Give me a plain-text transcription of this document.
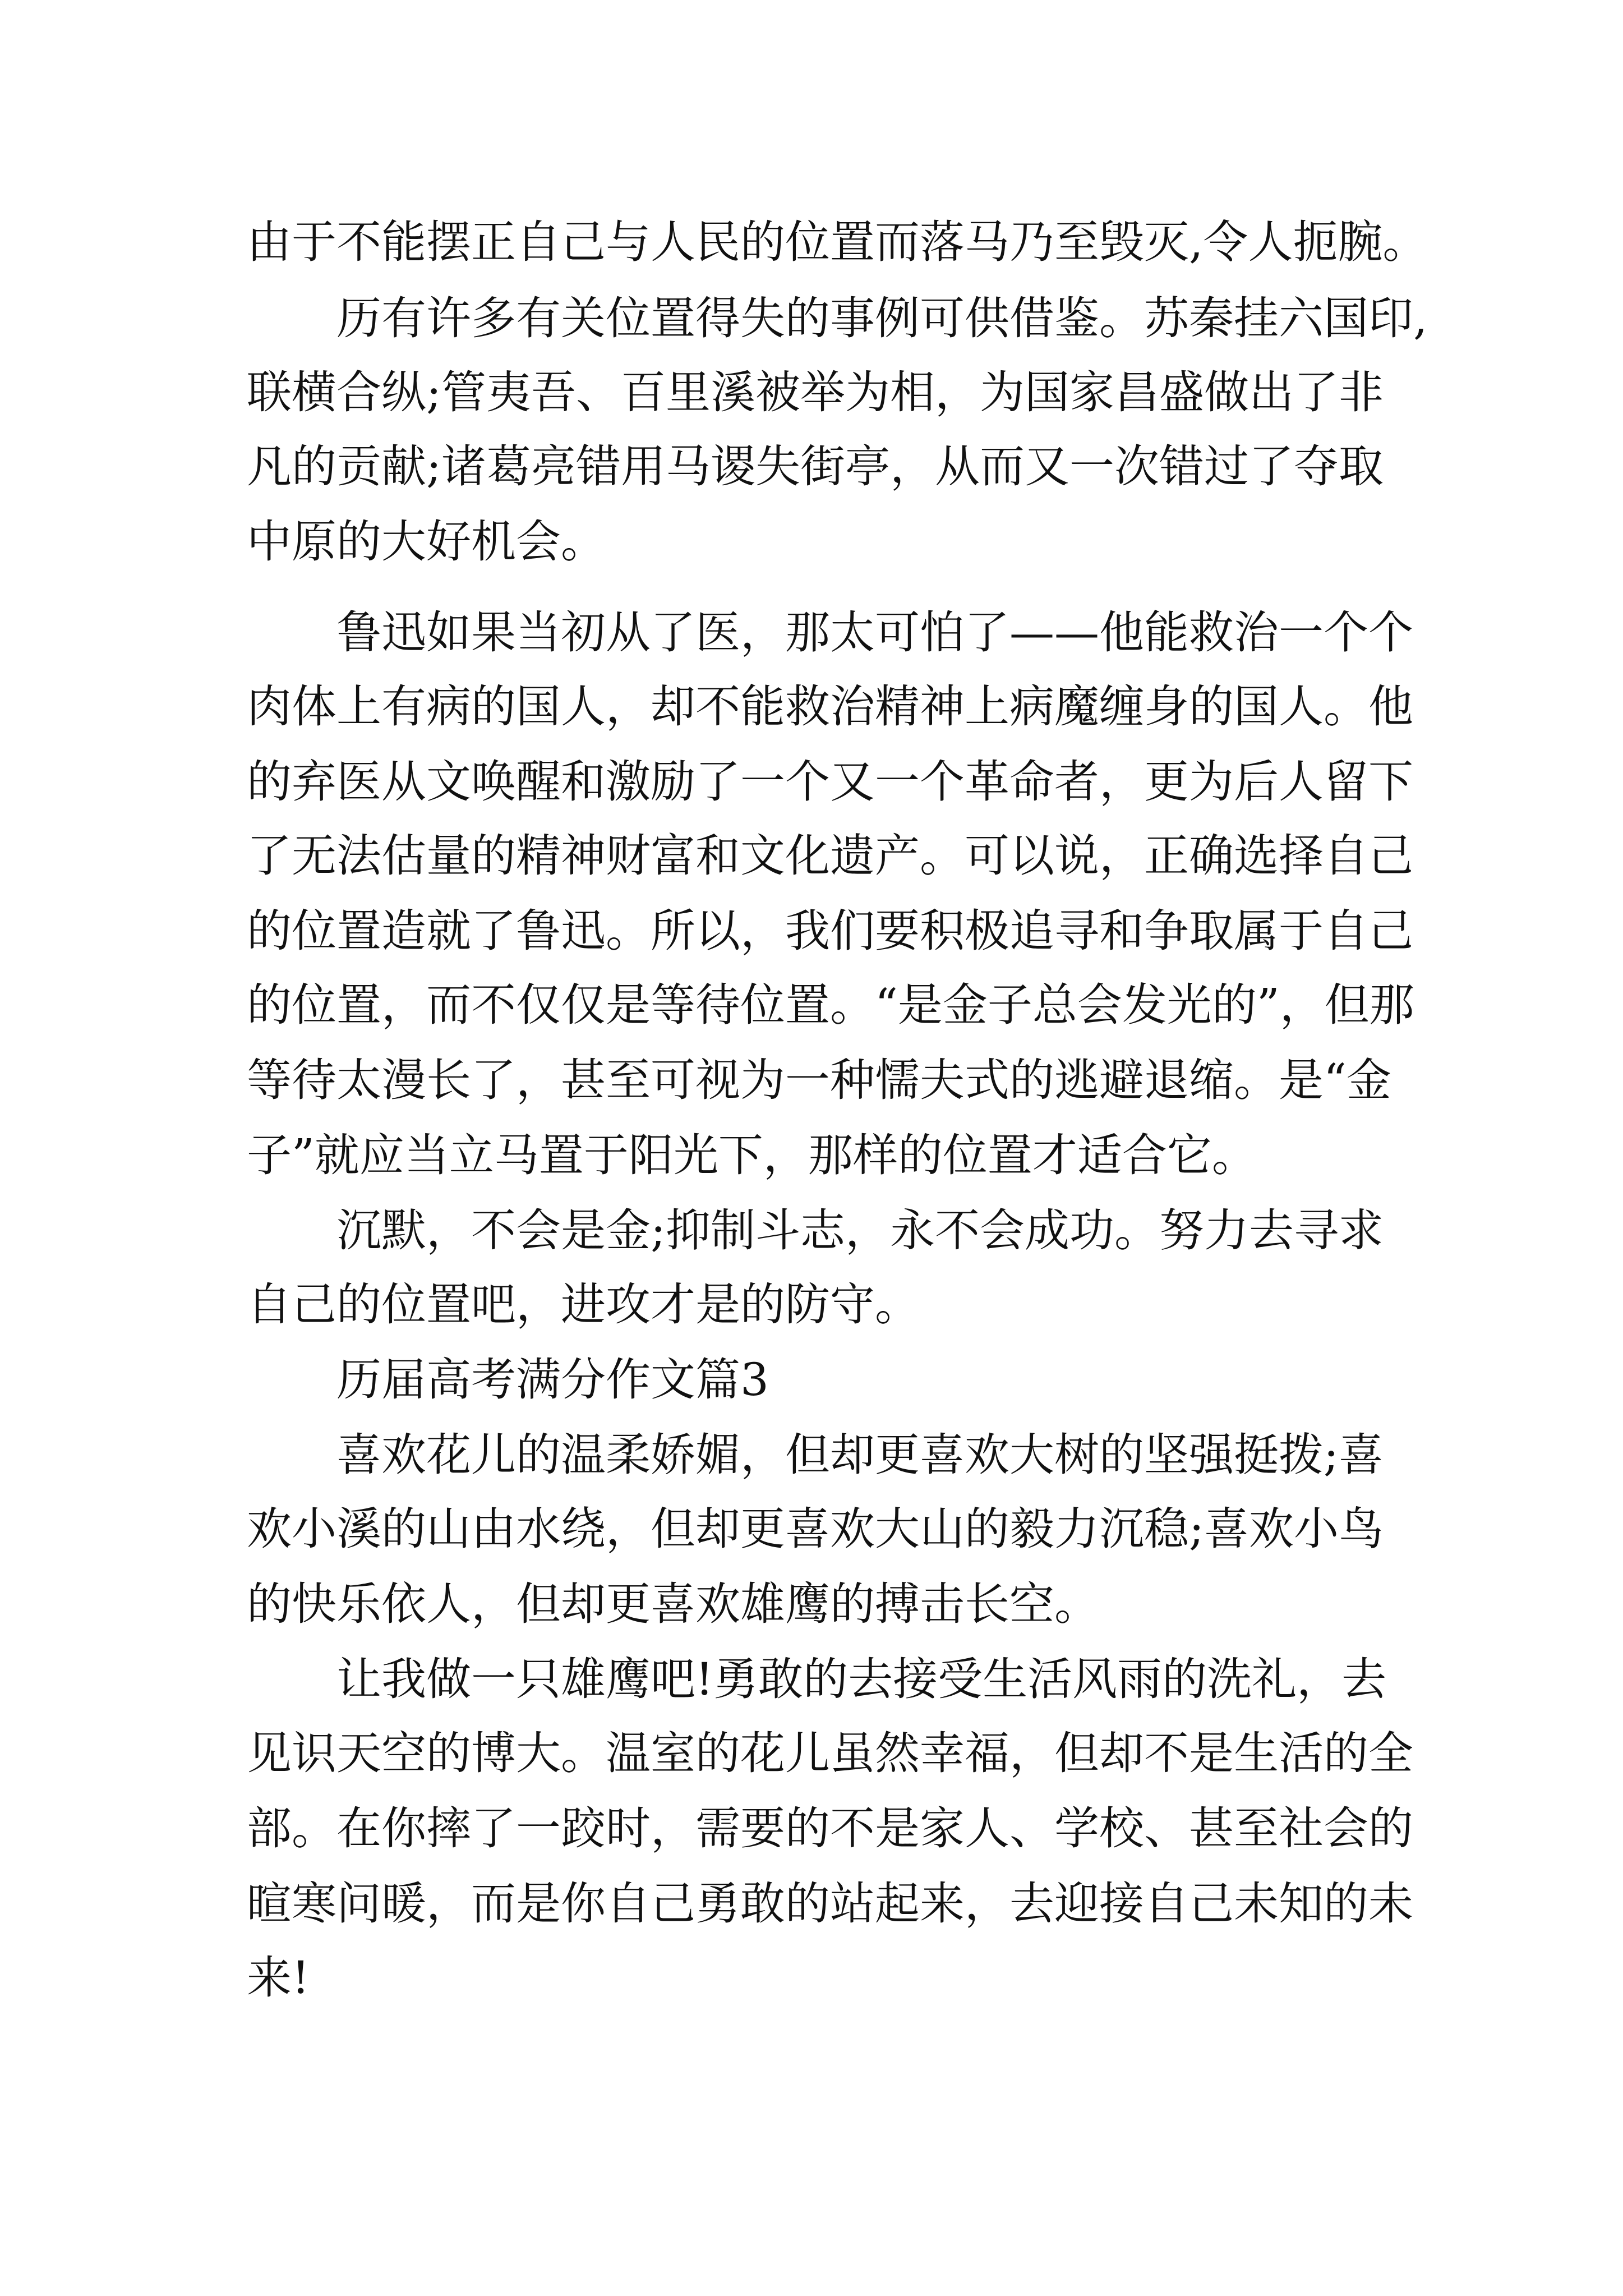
由于不能摆正自己与人民的位置而落马乃至毁灭,令人扼腕。
历有许多有关位置得失的事例可供借鉴。苏秦挂六国印,
联横合纵;管夷吾、百里溪被举为相，为国家昌盛做出了非
凡的贡献;诸葛亮错用马谡失街亭，从而又一次错过了夺取
中原的大好机会。
鲁迅如果当初从了医，那太可怕了——他能救治一个个
肉体上有病的国人，却不能救治精神上病魔缠身的国人。他
的弃医从文唤醒和激励了一个又一个革命者，更为后人留下
了无法估量的精神财富和文化遗产。可以说，正确选择自己
的位置造就了鲁迅。所以，我们要积极追寻和争取属于自己
的位置，而不仅仅是等待位置。“是金子总会发光的”，但那
等待太漫长了，甚至可视为一种懦夫式的逃避退缩。是“金
子”就应当立马置于阳光下，那样的位置才适合它。
沉默，不会是金;抑制斗志，永不会成功。努力去寻求
自己的位置吧，进攻才是的防守。
历届高考满分作文篇3
喜欢花儿的温柔娇媚，但却更喜欢大树的坚强挺拨;喜
欢小溪的山由水绕，但却更喜欢大山的毅力沉稳;喜欢小鸟
的快乐依人，但却更喜欢雄鹰的搏击长空。
让我做一只雄鹰吧!勇敢的去接受生活风雨的洗礼，去
见识天空的博大。温室的花儿虽然幸福，但却不是生活的全
部。在你摔了一跤时，需要的不是家人、学校、甚至社会的
暄寒问暖，而是你自己勇敢的站起来，去迎接自己未知的未
来!
